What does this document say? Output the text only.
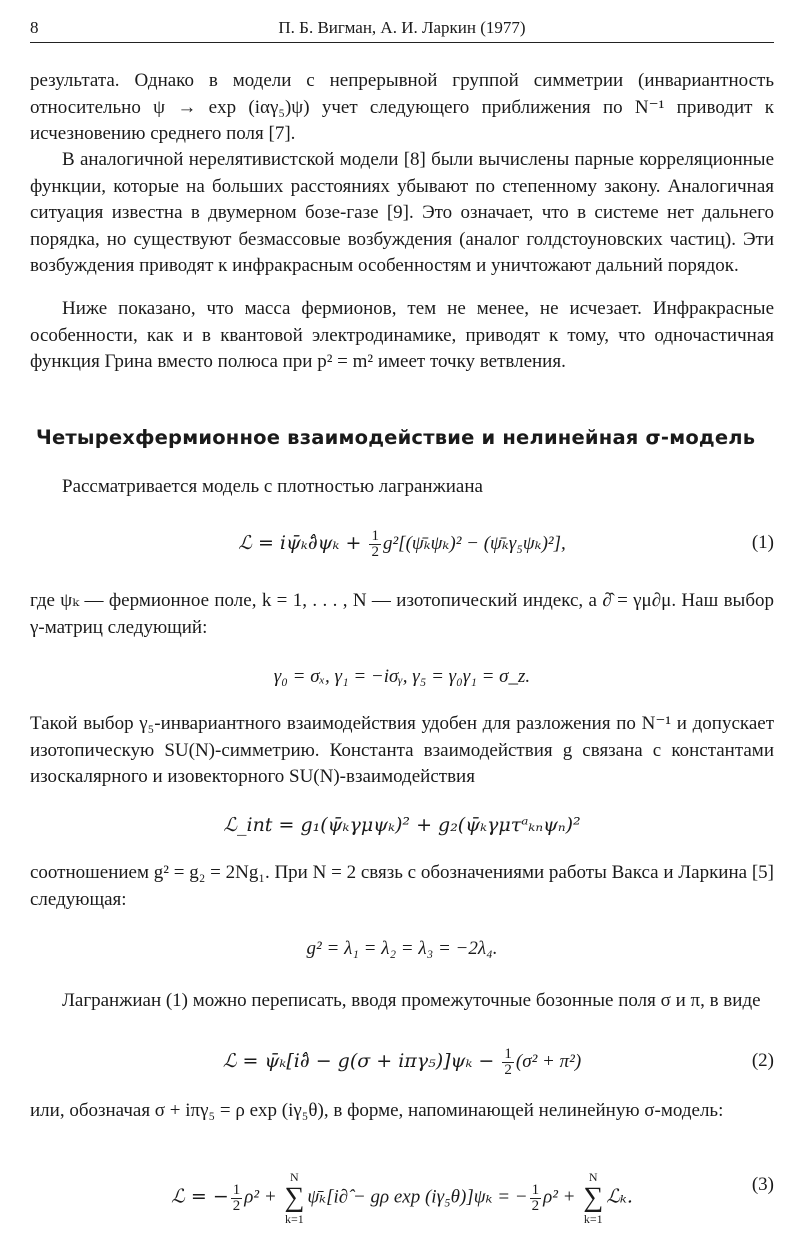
8	П. Б. Вигман, А. И. Ларкин (1977)

результата. Однако в модели с непрерывной группой симметрии (инвариантность относительно ψ → exp (iαγ₅)ψ) учет следующего приближения по N⁻¹ приводит к исчезновению среднего поля [7].

В аналогичной нерелятивистской модели [8] были вычислены парные корреляционные функции, которые на больших расстояниях убывают по степенному закону. Аналогичная ситуация известна в двумерном бозе-газе [9]. Это означает, что в системе нет дальнего порядка, но существуют безмассовые возбуждения (аналог голдстоуновских частиц). Эти возбуждения приводят к инфракрасным особенностям и уничтожают дальний порядок.

Ниже показано, что масса фермионов, тем не менее, не исчезает. Инфракрасные особенности, как и в квантовой электродинамике, приводят к тому, что одночастичная функция Грина вместо полюса при p² = m² имеет точку ветвления.

Четырехфермионное взаимодействие и нелинейная σ-модель

Рассматривается модель с плотностью лагранжиана

ℒ = iψ̄ₖ∂̂ψₖ + $\frac{1}{2}$ g²[(ψ̄ₖψₖ)² − (ψ̄ₖγ₅ψₖ)²],	(1)

где ψₖ — фермионное поле, k = 1, . . . , N — изотопический индекс, а ∂̂ = γμ∂μ. Наш выбор γ-матриц следующий:

γ₀ = σₓ, γ₁ = −iσᵧ, γ₅ = γ₀γ₁ = σ_z.

Такой выбор γ₅-инвариантного взаимодействия удобен для разложения по N⁻¹ и допускает изотопическую SU(N)-симметрию. Константа взаимодействия g связана с константами изоскалярного и изовекторного SU(N)-взаимодействия

ℒ_int = g₁(ψ̄ₖγμψₖ)² + g₂(ψ̄ₖγμτᵃₖₙψₙ)²

соотношением g² = g₂ = 2Ng₁. При N = 2 связь с обозначениями работы Вакса и Ларкина [5] следующая:

g² = λ₁ = λ₂ = λ₃ = −2λ₄.

Лагранжиан (1) можно переписать, вводя промежуточные бозонные поля σ и π, в виде

ℒ = ψ̄ₖ[i∂̂ − $g(\sigma + i\pi\gamma_5)]\psi_k - \frac{1}{2} (\sigma^2 + \pi^2)$	(2)

или, обозначая σ + iπγ₅ = ρ exp (iγ₅θ), в форме, напоминающей нелинейную σ-модель:

ℒ = − $\frac{1}{2} \rho^2$ +
N
∑
k=1
ψ̄ₖ[i∂̂ − gρ exp (iγ₅θ)]ψₖ = − $\frac{1}{2} \rho^2$ +
N
∑
k=1
ℒₖ.
(3)
